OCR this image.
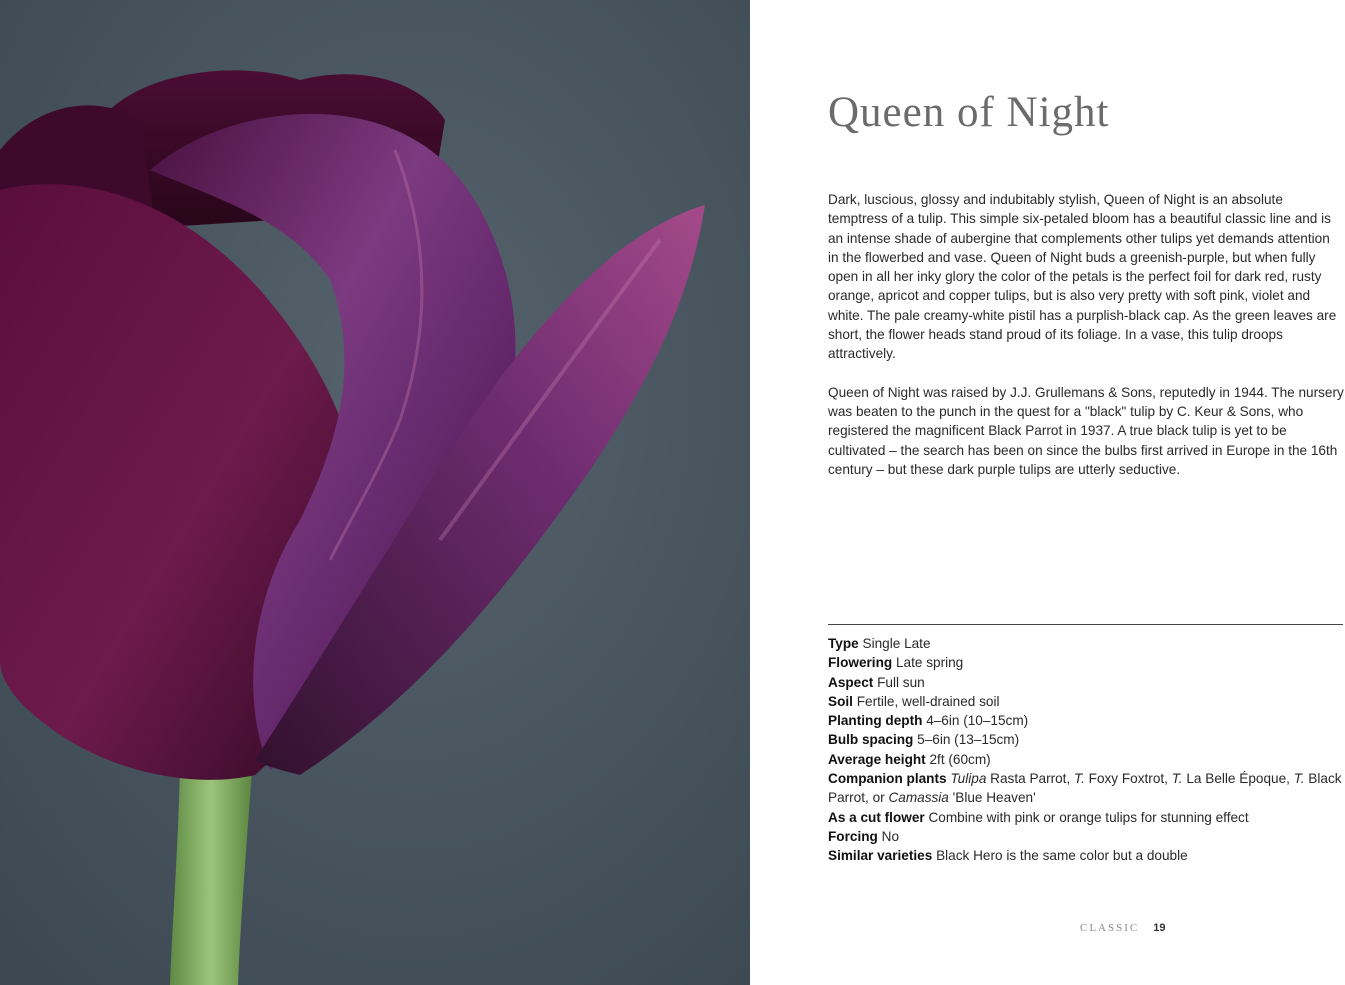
Queen of Night

Dark, luscious, glossy and indubitably stylish, Queen of Night is an absolute temptress of a tulip. This simple six-petaled bloom has a beautiful classic line and is an intense shade of aubergine that complements other tulips yet demands attention in the flowerbed and vase. Queen of Night buds a greenish-purple, but when fully open in all her inky glory the color of the petals is the perfect foil for dark red, rusty orange, apricot and copper tulips, but is also very pretty with soft pink, violet and white. The pale creamy-white pistil has a purplish-black cap. As the green leaves are short, the flower heads stand proud of its foliage. In a vase, this tulip droops attractively.

Queen of Night was raised by J.J. Grullemans & Sons, reputedly in 1944. The nursery was beaten to the punch in the quest for a "black" tulip by C. Keur & Sons, who registered the magnificent Black Parrot in 1937. A true black tulip is yet to be cultivated – the search has been on since the bulbs first arrived in Europe in the 16th century – but these dark purple tulips are utterly seductive.

Type Single Late
Flowering Late spring
Aspect Full sun
Soil Fertile, well-drained soil
Planting depth 4–6in (10–15cm)
Bulb spacing 5–6in (13–15cm)
Average height 2ft (60cm)
Companion plants Tulipa Rasta Parrot, T. Foxy Foxtrot, T. La Belle Époque, T. Black Parrot, or Camassia 'Blue Heaven'
As a cut flower Combine with pink or orange tulips for stunning effect
Forcing No
Similar varieties Black Hero is the same color but a double
CLASSIC 19
